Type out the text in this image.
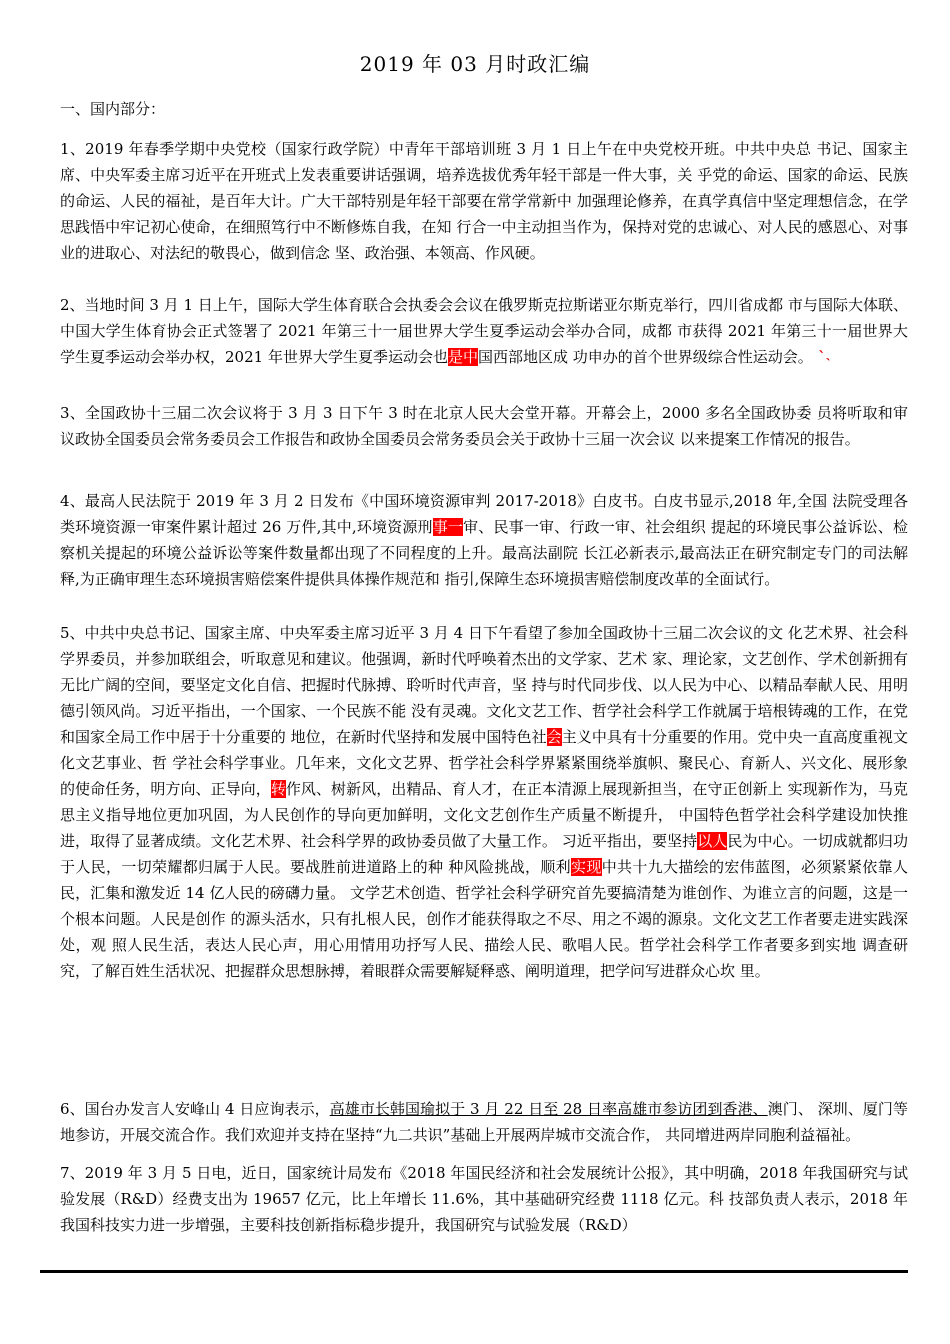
2019 年 03 月时政汇编
一、国内部分：

1、2019 年春季学期中央党校（国家行政学院）中青年干部培训班 3 月 1 日上午在中央党校开班。中共中央总 书记、国家主席、中央军委主席习近平在开班式上发表重要讲话强调，培养选拔优秀年轻干部是一件大事，关 乎党的命运、国家的命运、民族的命运、人民的福祉，是百年大计。广大干部特别是年轻干部要在常学常新中 加强理论修养，在真学真信中坚定理想信念，在学思践悟中牢记初心使命，在细照笃行中不断修炼自我，在知 行合一中主动担当作为，保持对党的忠诚心、对人民的感恩心、对事业的进取心、对法纪的敬畏心，做到信念 坚、政治强、本领高、作风硬。

2、当地时间 3 月 1 日上午，国际大学生体育联合会执委会会议在俄罗斯克拉斯诺亚尔斯克举行，四川省成都 市与国际大体联、中国大学生体育协会正式签署了 2021 年第三十一届世界大学生夏季运动会举办合同，成都 市获得 2021 年第三十一届世界大学生夏季运动会举办权，2021 年世界大学生夏季运动会也是中国西部地区成 功申办的首个世界级综合性运动会。 ˋ˴

3、全国政协十三届二次会议将于 3 月 3 日下午 3 时在北京人民大会堂开幕。开幕会上，2000 多名全国政协委 员将听取和审议政协全国委员会常务委员会工作报告和政协全国委员会常务委员会关于政协十三届一次会议 以来提案工作情况的报告。

4、最高人民法院于 2019 年 3 月 2 日发布《中国环境资源审判 2017-2018》白皮书。白皮书显示,2018 年,全国 法院受理各类环境资源一审案件累计超过 26 万件,其中,环境资源刑事一审、民事一审、行政一审、社会组织 提起的环境民事公益诉讼、检察机关提起的环境公益诉讼等案件数量都出现了不同程度的上升。最高法副院 长江必新表示,最高法正在研究制定专门的司法解释,为正确审理生态环境损害赔偿案件提供具体操作规范和 指引,保障生态环境损害赔偿制度改革的全面试行。

5、中共中央总书记、国家主席、中央军委主席习近平 3 月 4 日下午看望了参加全国政协十三届二次会议的文 化艺术界、社会科学界委员，并参加联组会，听取意见和建议。他强调，新时代呼唤着杰出的文学家、艺术 家、理论家，文艺创作、学术创新拥有无比广阔的空间，要坚定文化自信、把握时代脉搏、聆听时代声音，坚 持与时代同步伐、以人民为中心、以精品奉献人民、用明德引领风尚。习近平指出，一个国家、一个民族不能 没有灵魂。文化文艺工作、哲学社会科学工作就属于培根铸魂的工作，在党和国家全局工作中居于十分重要的 地位，在新时代坚持和发展中国特色社会主义中具有十分重要的作用。党中央一直高度重视文化文艺事业、哲 学社会科学事业。几年来，文化文艺界、哲学社会科学界紧紧围绕举旗帜、聚民心、育新人、兴文化、展形象 的使命任务，明方向、正导向，转作风、树新风，出精品、育人才，在正本清源上展现新担当，在守正创新上 实现新作为，马克思主义指导地位更加巩固，为人民创作的导向更加鲜明，文化文艺创作生产质量不断提升， 中国特色哲学社会科学建设加快推进，取得了显著成绩。文化艺术界、社会科学界的政协委员做了大量工作。 习近平指出，要坚持以人民为中心。一切成就都归功于人民，一切荣耀都归属于人民。要战胜前进道路上的种 种风险挑战，顺利实现中共十九大描绘的宏伟蓝图，必须紧紧依靠人民，汇集和激发近 14 亿人民的磅礴力量。 文学艺术创造、哲学社会科学研究首先要搞清楚为谁创作、为谁立言的问题，这是一个根本问题。人民是创作 的源头活水，只有扎根人民，创作才能获得取之不尽、用之不竭的源泉。文化文艺工作者要走进实践深处，观 照人民生活，表达人民心声，用心用情用功抒写人民、描绘人民、歌唱人民。哲学社会科学工作者要多到实地 调查研究，了解百姓生活状况、把握群众思想脉搏，着眼群众需要解疑释惑、阐明道理，把学问写进群众心坎 里。

6、国台办发言人安峰山 4 日应询表示，高雄市长韩国瑜拟于 3 月 22 日至 28 日率高雄市参访团到香港、澳门、 深圳、厦门等地参访，开展交流合作。我们欢迎并支持在坚持“九二共识”基础上开展两岸城市交流合作， 共同增进两岸同胞利益福祉。

7、2019 年 3 月 5 日电，近日，国家统计局发布《2018 年国民经济和社会发展统计公报》，其中明确，2018 年我国研究与试验发展（R&D）经费支出为 19657 亿元，比上年增长 11.6%，其中基础研究经费 1118 亿元。科 技部负责人表示，2018 年我国科技实力进一步增强，主要科技创新指标稳步提升，我国研究与试验发展（R&D）
